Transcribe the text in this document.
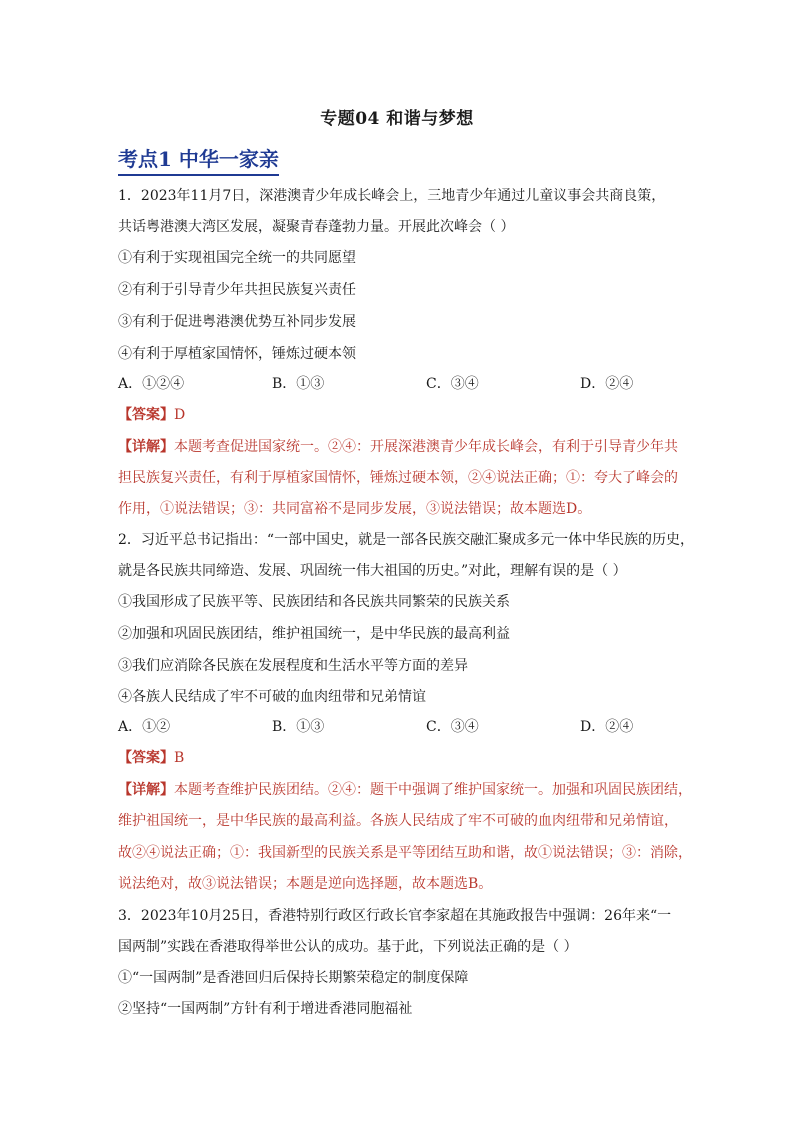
专题04 和谐与梦想
考点1 中华一家亲
1．2023年11月7日，深港澳青少年成长峰会上，三地青少年通过儿童议事会共商良策，
共话粤港澳大湾区发展，凝聚青春蓬勃力量。开展此次峰会（ ）
①有利于实现祖国完全统一的共同愿望
②有利于引导青少年共担民族复兴责任
③有利于促进粤港澳优势互补同步发展
④有利于厚植家国情怀，锤炼过硬本领
A．①②④	B．①③	C．③④	D．②④
【答案】D
【详解】本题考查促进国家统一。②④：开展深港澳青少年成长峰会，有利于引导青少年共
担民族复兴责任，有利于厚植家国情怀，锤炼过硬本领，②④说法正确；①：夸大了峰会的
作用，①说法错误；③：共同富裕不是同步发展，③说法错误；故本题选D。
2．习近平总书记指出：“一部中国史，就是一部各民族交融汇聚成多元一体中华民族的历史，
就是各民族共同缔造、发展、巩固统一伟大祖国的历史。”对此，理解有误的是（ ）
①我国形成了民族平等、民族团结和各民族共同繁荣的民族关系
②加强和巩固民族团结，维护祖国统一，是中华民族的最高利益
③我们应消除各民族在发展程度和生活水平等方面的差异
④各族人民结成了牢不可破的血肉纽带和兄弟情谊
A．①②	B．①③	C．③④	D．②④
【答案】B
【详解】本题考查维护民族团结。②④：题干中强调了维护国家统一。加强和巩固民族团结，
维护祖国统一，是中华民族的最高利益。各族人民结成了牢不可破的血肉纽带和兄弟情谊，
故②④说法正确；①：我国新型的民族关系是平等团结互助和谐，故①说法错误；③：消除，
说法绝对，故③说法错误；本题是逆向选择题，故本题选B。
3．2023年10月25日，香港特别行政区行政长官李家超在其施政报告中强调：26年来“一
国两制”实践在香港取得举世公认的成功。基于此，下列说法正确的是（ ）
①“一国两制”是香港回归后保持长期繁荣稳定的制度保障
②坚持“一国两制”方针有利于增进香港同胞福祉
